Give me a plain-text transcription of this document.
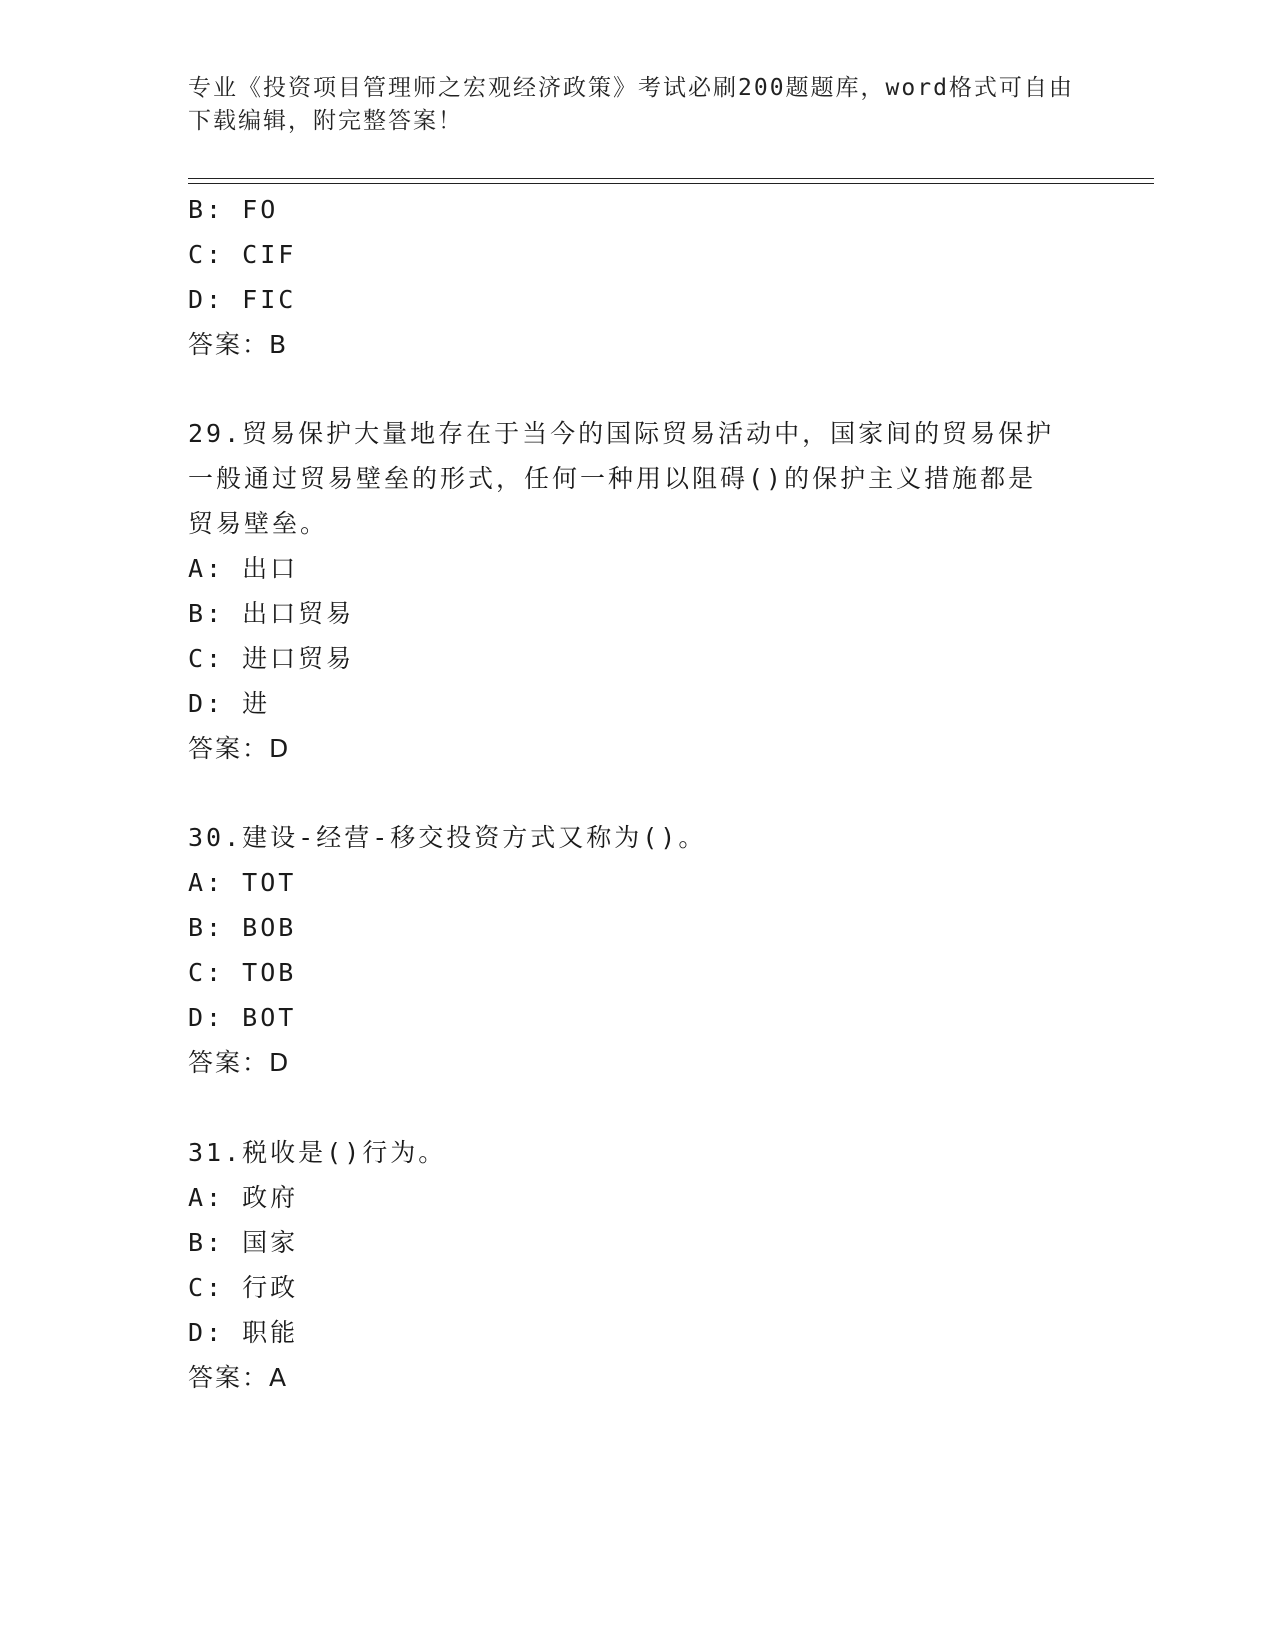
专业《投资项目管理师之宏观经济政策》考试必刷200题题库，word格式可自由
下载编辑，附完整答案！
B: FO
C: CIF
D: FIC
答案：B
29.贸易保护大量地存在于当今的国际贸易活动中，国家间的贸易保护
一般通过贸易壁垒的形式，任何一种用以阻碍()的保护主义措施都是
贸易壁垒。
A: 出口
B: 出口贸易
C: 进口贸易
D: 进
答案：D
30.建设-经营-移交投资方式又称为()。
A: TOT
B: BOB
C: TOB
D: BOT
答案：D
31.税收是()行为。
A: 政府
B: 国家
C: 行政
D: 职能
答案：A
